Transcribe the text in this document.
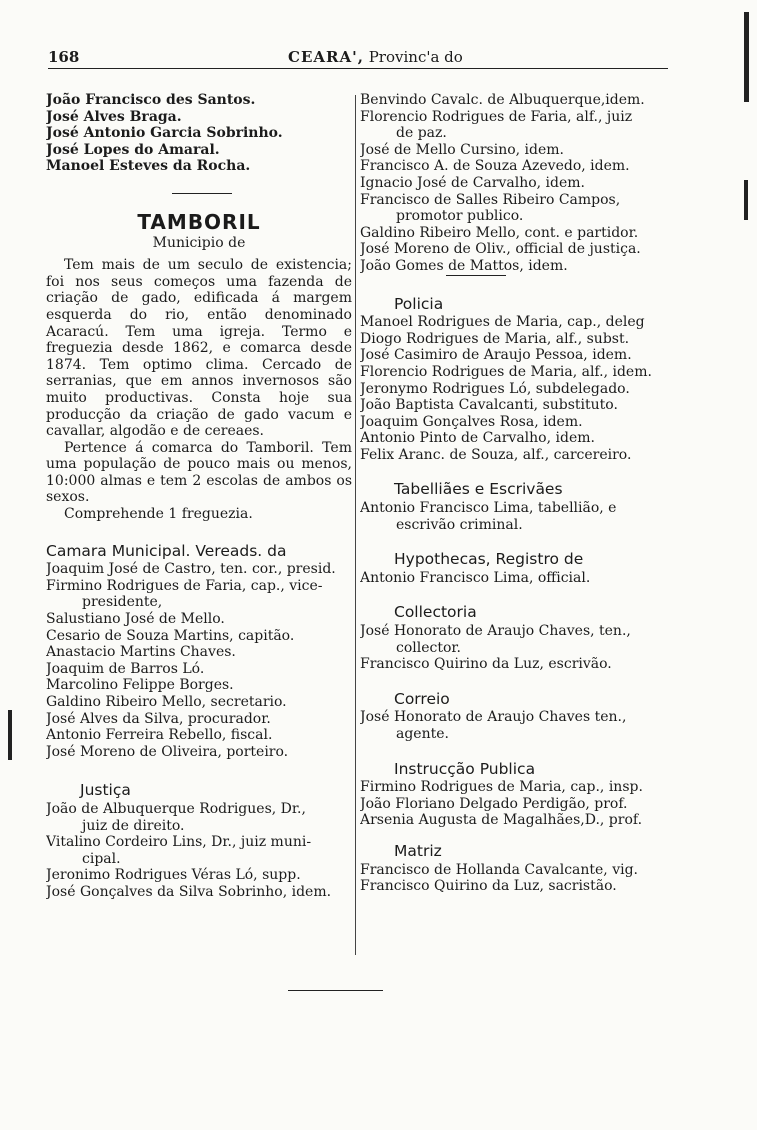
168	CEARA', Provinc'a do
João Francisco des Santos.
José Alves Braga.
José Antonio Garcia Sobrinho.
José Lopes do Amaral.
Manoel Esteves da Rocha.
TAMBORIL
Municipio de

Tem mais de um seculo de existencia; foi nos seus começos uma fazenda de criação de gado, edificada á margem esquerda do rio, então denominado Acaracú. Tem uma igreja. Termo e freguezia desde 1862, e comarca desde 1874. Tem optimo clima. Cercado de serranias, que em annos invernosos são muito productivas. Consta hoje sua producção da criação de gado vacum e cavallar, algodão e de cereaes.

Pertence á comarca do Tamboril. Tem uma população de pouco mais ou menos, 10:000 almas e tem 2 escolas de ambos os sexos.

Comprehende 1 freguezia.

Camara Municipal. Vereads. da
Joaquim José de Castro, ten. cor., presid.
Firmino Rodrigues de Faria, cap., vice-
presidente,
Salustiano José de Mello.
Cesario de Souza Martins, capitão.
Anastacio Martins Chaves.
Joaquim de Barros Ló.
Marcolino Felippe Borges.
Galdino Ribeiro Mello, secretario.
José Alves da Silva, procurador.
Antonio Ferreira Rebello, fiscal.
José Moreno de Oliveira, porteiro.
Justiça
João de Albuquerque Rodrigues, Dr.,
juiz de direito.
Vitalino Cordeiro Lins, Dr., juiz muni-
cipal.
Jeronimo Rodrigues Véras Ló, supp.
José Gonçalves da Silva Sobrinho, idem.
Benvindo Cavalc. de Albuquerque,idem.
Florencio Rodrigues de Faria, alf., juiz
de paz.
José de Mello Cursino, idem.
Francisco A. de Souza Azevedo, idem.
Ignacio José de Carvalho, idem.
Francisco de Salles Ribeiro Campos,
promotor publico.
Galdino Ribeiro Mello, cont. e partidor.
José Moreno de Oliv., official de justiça.
João Gomes de Mattos, idem.
Policia
Manoel Rodrigues de Maria, cap., deleg
Diogo Rodrigues de Maria, alf., subst.
José Casimiro de Araujo Pessoa, idem.
Florencio Rodrigues de Maria, alf., idem.
Jeronymo Rodrigues Ló, subdelegado.
João Baptista Cavalcanti, substituto.
Joaquim Gonçalves Rosa, idem.
Antonio Pinto de Carvalho, idem.
Felix Aranc. de Souza, alf., carcereiro.
Tabelliães e Escrivães
Antonio Francisco Lima, tabellião, e
escrivão criminal.
Hypothecas, Registro de
Antonio Francisco Lima, official.
Collectoria
José Honorato de Araujo Chaves, ten.,
collector.
Francisco Quirino da Luz, escrivão.
Correio
José Honorato de Araujo Chaves ten.,
agente.
Instrucção Publica
Firmino Rodrigues de Maria, cap., insp.
João Floriano Delgado Perdigão, prof.
Arsenia Augusta de Magalhães,D., prof.
Matriz
Francisco de Hollanda Cavalcante, vig.
Francisco Quirino da Luz, sacristão.
